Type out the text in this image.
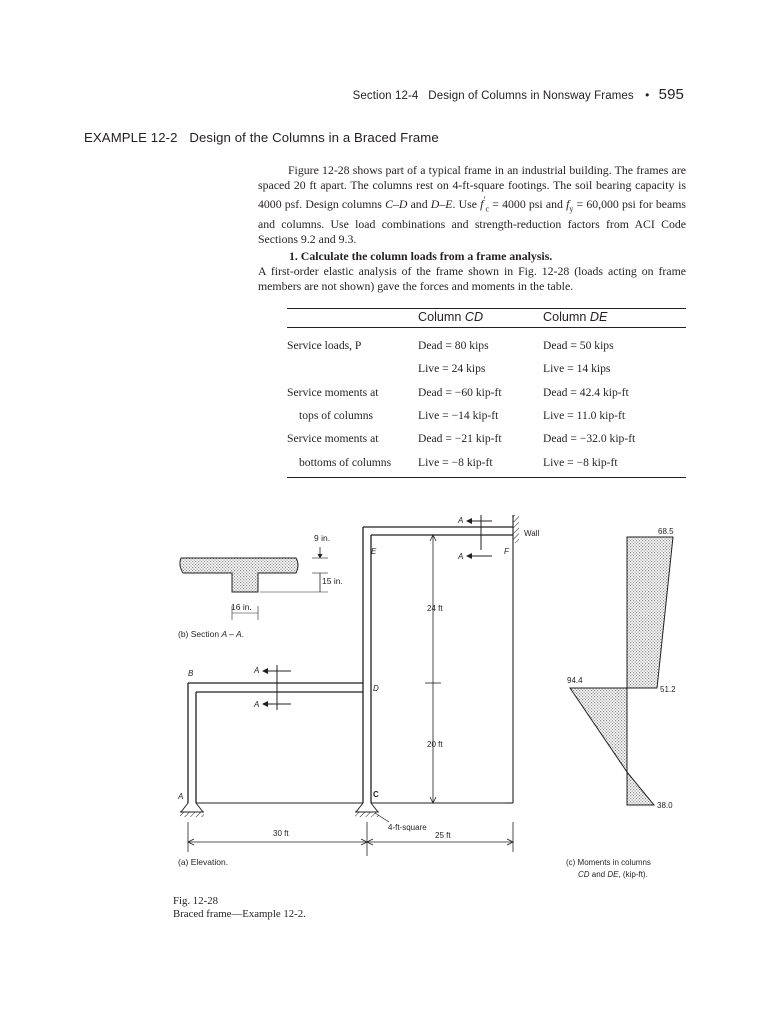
Section 12-4 Design of Columns in Nonsway Frames • 595
EXAMPLE 12-2 Design of the Columns in a Braced Frame
Figure 12-28 shows part of a typical frame in an industrial building. The frames are spaced 20 ft apart. The columns rest on 4-ft-square footings. The soil bearing capacity is 4000 psf. Design columns C–D and D–E. Use $f'_c = 4000$ psi and $f_y = 60,000$ psi for beams and columns. Use load combinations and strength-reduction factors from ACI Code Sections 9.2 and 9.3.
1. Calculate the column loads from a frame analysis.
A first-order elastic analysis of the frame shown in Fig. 12-28 (loads acting on frame members are not shown) gave the forces and moments in the table.
	Column CD	Column DE
Service loads, P	Dead = 80 kips	Dead = 50 kips
	Live = 24 kips	Live = 14 kips
Service moments at	Dead = −60 kip-ft	Dead = 42.4 kip-ft
tops of columns	Live = −14 kip-ft	Live = 11.0 kip-ft
Service moments at	Dead = −21 kip-ft	Dead = −32.0 kip-ft
bottoms of columns	Live = −8 kip-ft	Live = −8 kip-ft
9 in.
15 in.
16 in.
(b) Section A – A.
A
B
C
D
E	F
A
A
A
A
Wall
24 ft
20 ft
30 ft	25 ft
4-ft-square
(a) Elevation.
68.5
94.4
51.2
38.0
(c) Moments in columns
CD and DE, (kip-ft).
Fig. 12-28
Braced frame—Example 12-2.
